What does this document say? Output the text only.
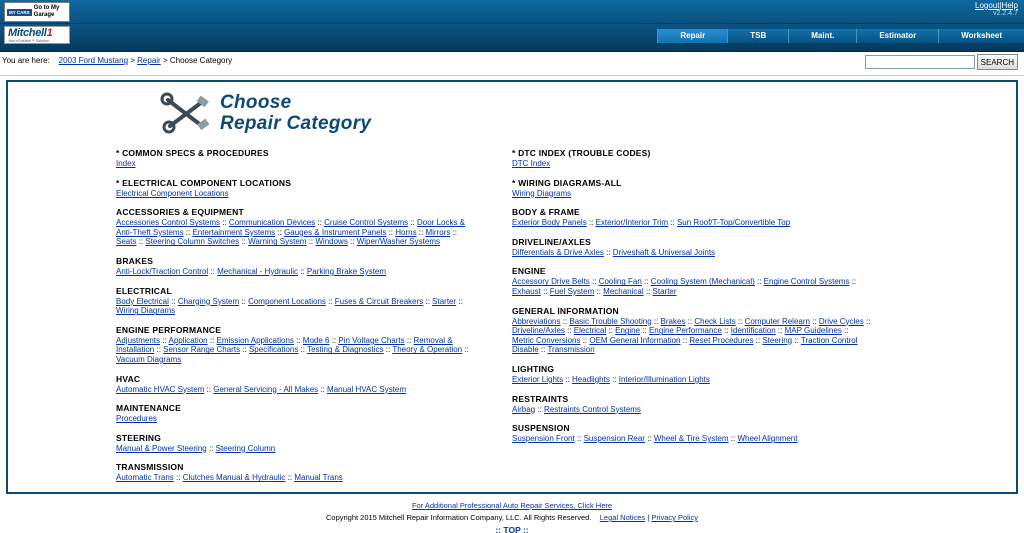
MY CARS
Go to My Garage
Logout|Help
v2.2.4.7
Mitchell1
Your eSolution™ Solution
Repair	TSB	Maint.	Estimator	Worksheet
You are here: 2003 Ford Mustang > Repair > Choose Category	SEARCH
Choose
Repair Category
* COMMON SPECS & PROCEDURES
Index
* ELECTRICAL COMPONENT LOCATIONS
Electrical Component Locations
ACCESSORIES & EQUIPMENT
Accessories Control Systems :: Communication Devices :: Cruise Control Systems :: Door Locks & Anti-Theft Systems :: Entertainment Systems :: Gauges & Instrument Panels :: Horns :: Mirrors :: Seats :: Steering Column Switches :: Warning System :: Windows :: Wiper/Washer Systems
BRAKES
Anti-Lock/Traction Control :: Mechanical - Hydraulic :: Parking Brake System
ELECTRICAL
Body Electrical :: Charging System :: Component Locations :: Fuses & Circuit Breakers :: Starter :: Wiring Diagrams
ENGINE PERFORMANCE
Adjustments :: Application :: Emission Applications :: Mode 6 :: Pin Voltage Charts :: Removal & Installation :: Sensor Range Charts :: Specifications :: Testing & Diagnostics :: Theory & Operation :: Vacuum Diagrams
HVAC
Automatic HVAC System :: General Servicing - All Makes :: Manual HVAC System
MAINTENANCE
Procedures
STEERING
Manual & Power Steering :: Steering Column
TRANSMISSION
Automatic Trans :: Clutches Manual & Hydraulic :: Manual Trans
* DTC INDEX (TROUBLE CODES)
DTC Index
* WIRING DIAGRAMS-ALL
Wiring Diagrams
BODY & FRAME
Exterior Body Panels :: Exterior/Interior Trim :: Sun Roof/T-Top/Convertible Top
DRIVELINE/AXLES
Differentials & Drive Axles :: Driveshaft & Universal Joints
ENGINE
Accessory Drive Belts :: Cooling Fan :: Cooling System (Mechanical) :: Engine Control Systems :: Exhaust :: Fuel System :: Mechanical :: Starter
GENERAL INFORMATION
Abbreviations :: Basic Trouble Shooting :: Brakes :: Check Lists :: Computer Relearn :: Drive Cycles :: Driveline/Axles :: Electrical :: Engine :: Engine Performance :: Identification :: MAP Guidelines :: Metric Conversions :: OEM General Information :: Reset Procedures :: Steering :: Traction Control Disable :: Transmission
LIGHTING
Exterior Lights :: Headlights :: Interior/Illumination Lights
RESTRAINTS
Airbag :: Restraints Control Systems
SUSPENSION
Suspension Front :: Suspension Rear :: Wheel & Tire System :: Wheel Alignment
For Additional Professional Auto Repair Services, Click Here
Copyright 2015 Mitchell Repair Information Company, LLC. All Rights Reserved. Legal Notices | Privacy Policy
:: TOP ::
